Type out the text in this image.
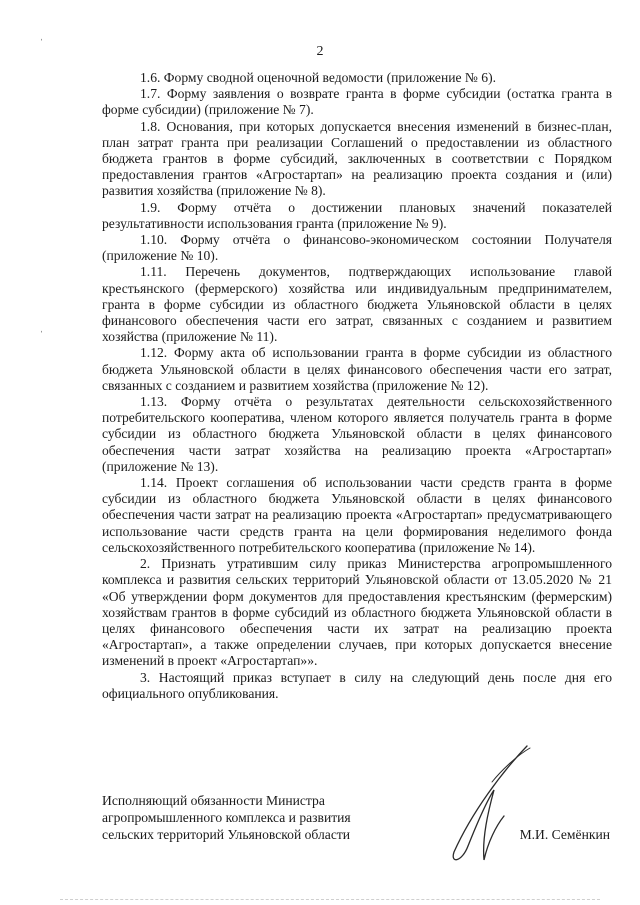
ˈ
ˈ
2

1.6. Форму сводной оценочной ведомости (приложение № 6).

1.7. Форму заявления о возврате гранта в форме субсидии (остатка гранта в форме субсидии) (приложение № 7).

1.8. Основания, при которых допускается внесения изменений в бизнес-план, план затрат гранта при реализации Соглашений о предоставлении из областного бюджета грантов в форме субсидий, заключенных в соответствии с Порядком предоставления грантов «Агростартап» на реализацию проекта создания и (или) развития хозяйства (приложение № 8).

1.9. Форму отчёта о достижении плановых значений показателей результативности использования гранта (приложение № 9).

1.10. Форму отчёта о финансово-экономическом состоянии Получателя (приложение № 10).

1.11. Перечень документов, подтверждающих использование главой крестьянского (фермерского) хозяйства или индивидуальным предпринимателем, гранта в форме субсидии из областного бюджета Ульяновской области в целях финансового обеспечения части его затрат, связанных с созданием и развитием хозяйства (приложение № 11).

1.12. Форму акта об использовании гранта в форме субсидии из областного бюджета Ульяновской области в целях финансового обеспечения части его затрат, связанных с созданием и развитием хозяйства (приложение № 12).

1.13. Форму отчёта о результатах деятельности сельскохозяйственного потребительского кооператива, членом которого является получатель гранта в форме субсидии из областного бюджета Ульяновской области в целях финансового обеспечения части затрат хозяйства на реализацию проекта «Агростартап» (приложение № 13).

1.14. Проект соглашения об использовании части средств гранта в форме субсидии из областного бюджета Ульяновской области в целях финансового обеспечения части затрат на реализацию проекта «Агростартап» предусматривающего использование части средств гранта на цели формирования неделимого фонда сельскохозяйственного потребительского кооператива (приложение № 14).

2. Признать утратившим силу приказ Министерства агропромышленного комплекса и развития сельских территорий Ульяновской области от 13.05.2020 № 21 «Об утверждении форм документов для предоставления крестьянским (фермерским) хозяйствам грантов в форме субсидий из областного бюджета Ульяновской области в целях финансового обеспечения части их затрат на реализацию проекта «Агростартап», а также определении случаев, при которых допускается внесение изменений в проект «Агростартап»».

3. Настоящий приказ вступает в силу на следующий день после дня его официального опубликования.

Исполняющий обязанности Министра
агропромышленного комплекса и развития
сельских территорий Ульяновской области	М.И. Семёнкин
